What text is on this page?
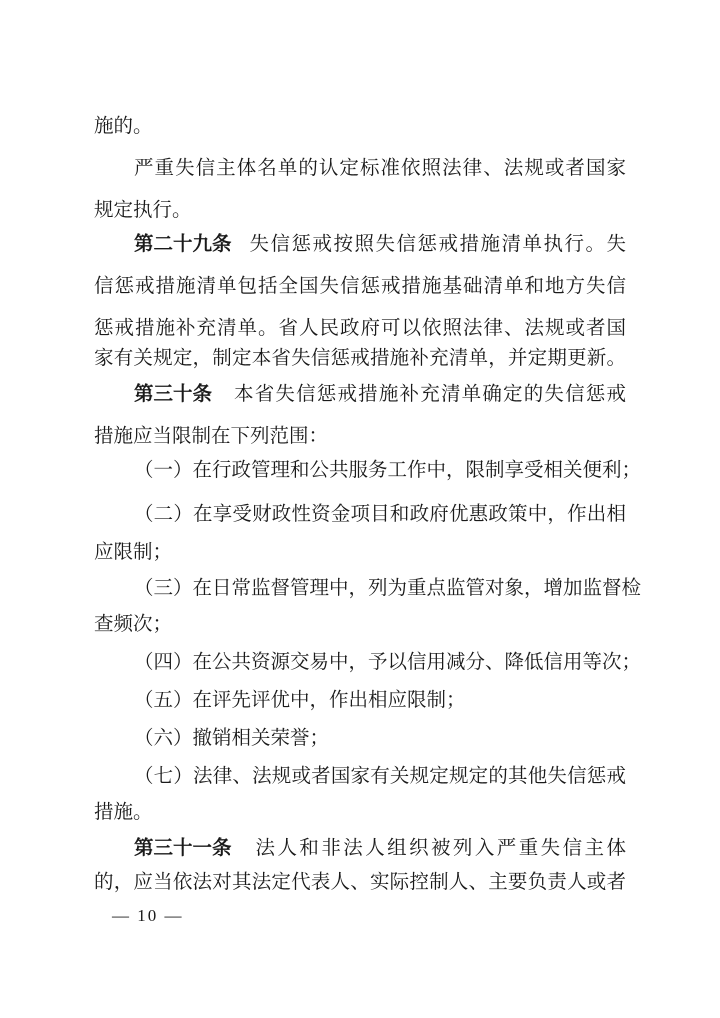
施的。
严重失信主体名单的认定标准依照法律、法规或者国家
规定执行。
第二十九条 失信惩戒按照失信惩戒措施清单执行。失
信惩戒措施清单包括全国失信惩戒措施基础清单和地方失信
惩戒措施补充清单。省人民政府可以依照法律、法规或者国
家有关规定，制定本省失信惩戒措施补充清单，并定期更新。
第三十条 本省失信惩戒措施补充清单确定的失信惩戒
措施应当限制在下列范围：
（一）在行政管理和公共服务工作中，限制享受相关便利；
（二）在享受财政性资金项目和政府优惠政策中，作出相
应限制；
（三）在日常监督管理中，列为重点监管对象，增加监督检
查频次；
（四）在公共资源交易中，予以信用减分、降低信用等次；
（五）在评先评优中，作出相应限制；
（六）撤销相关荣誉；
（七）法律、法规或者国家有关规定规定的其他失信惩戒
措施。
第三十一条 法人和非法人组织被列入严重失信主体
的，应当依法对其法定代表人、实际控制人、主要负责人或者
— 10 —
